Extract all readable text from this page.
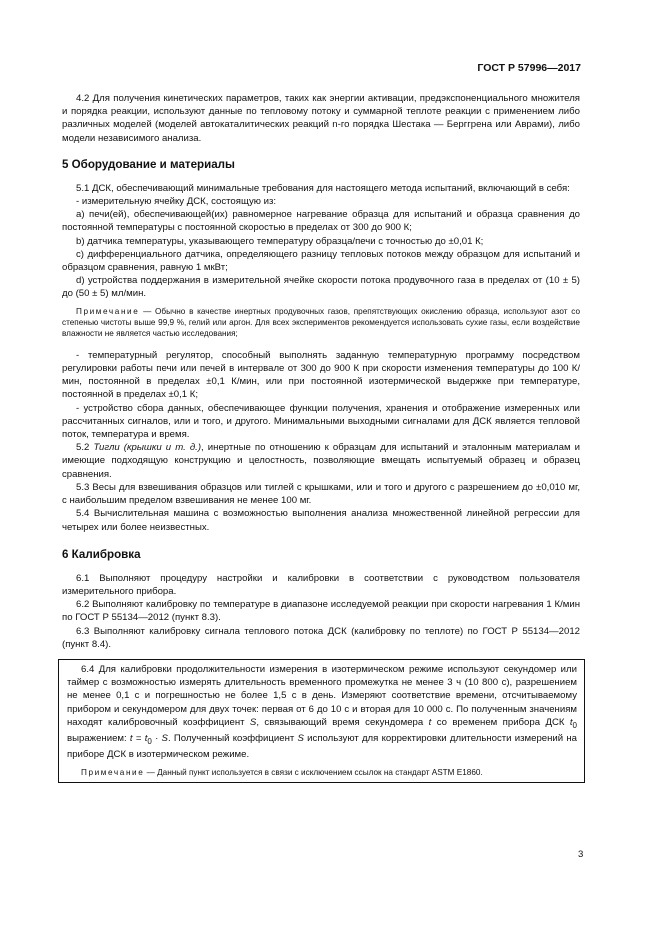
ГОСТ Р 57996—2017

4.2 Для получения кинетических параметров, таких как энергии активации, предэкспоненциального множителя и порядка реакции, используют данные по тепловому потоку и суммарной теплоте реакции с применением либо различных моделей (моделей автокаталитических реакций n-го порядка Шестака — Берггрена или Аврами), либо модели независимого анализа.

5 Оборудование и материалы

5.1 ДСК, обеспечивающий минимальные требования для настоящего метода испытаний, включающий в себя:

- измерительную ячейку ДСК, состоящую из:

a) печи(ей), обеспечивающей(их) равномерное нагревание образца для испытаний и образца сравнения до постоянной температуры с постоянной скоростью в пределах от 300 до 900 К;

b) датчика температуры, указывающего температуру образца/печи с точностью до ±0,01 К;

c) дифференциального датчика, определяющего разницу тепловых потоков между образцом для испытаний и образцом сравнения, равную 1 мкВт;

d) устройства поддержания в измерительной ячейке скорости потока продувочного газа в пределах от (10 ± 5) до (50 ± 5) мл/мин.

Примечание — Обычно в качестве инертных продувочных газов, препятствующих окислению образца, используют азот со степенью чистоты выше 99,9 %, гелий или аргон. Для всех экспериментов рекомендуется использовать сухие газы, если воздействие влажности не является частью исследования;

- температурный регулятор, способный выполнять заданную температурную программу посредством регулировки работы печи или печей в интервале от 300 до 900 К при скорости изменения температуры до 100 К/мин, постоянной в пределах ±0,1 К/мин, или при постоянной изотермической выдержке при температуре, постоянной в пределах ±0,1 К;

- устройство сбора данных, обеспечивающее функции получения, хранения и отображение измеренных или рассчитанных сигналов, или и того, и другого. Минимальными выходными сигналами для ДСК является тепловой поток, температура и время.

5.2 Тигли (крышки и т. д.), инертные по отношению к образцам для испытаний и эталонным материалам и имеющие подходящую конструкцию и целостность, позволяющие вмещать испытуемый образец и образец сравнения.

5.3 Весы для взвешивания образцов или тиглей с крышками, или и того и другого с разрешением до ±0,010 мг, с наибольшим пределом взвешивания не менее 100 мг.

5.4 Вычислительная машина с возможностью выполнения анализа множественной линейной регрессии для четырех или более неизвестных.

6 Калибровка

6.1 Выполняют процедуру настройки и калибровки в соответствии с руководством пользователя измерительного прибора.

6.2 Выполняют калибровку по температуре в диапазоне исследуемой реакции при скорости нагревания 1 К/мин по ГОСТ Р 55134—2012 (пункт 8.3).

6.3 Выполняют калибровку сигнала теплового потока ДСК (калибровку по теплоте) по ГОСТ Р 55134—2012 (пункт 8.4).

6.4 Для калибровки продолжительности измерения в изотермическом режиме используют секундомер или таймер с возможностью измерять длительность временного промежутка не менее 3 ч (10 800 с), разрешением не менее 0,1 с и погрешностью не более 1,5 с в день. Измеряют соответствие времени, отсчитываемому прибором и секундомером для двух точек: первая от 6 до 10 с и вторая для 10 000 с. По полученным значениям находят калибровочный коэффициент S, связывающий время секундомера t со временем прибора ДСК $t_0$ выражением: $t = t_0 \cdot S$. Полученный коэффициент S используют для корректировки длительности измерений на приборе ДСК в изотермическом режиме.

Примечание — Данный пункт используется в связи с исключением ссылок на стандарт ASTM E1860.

3
